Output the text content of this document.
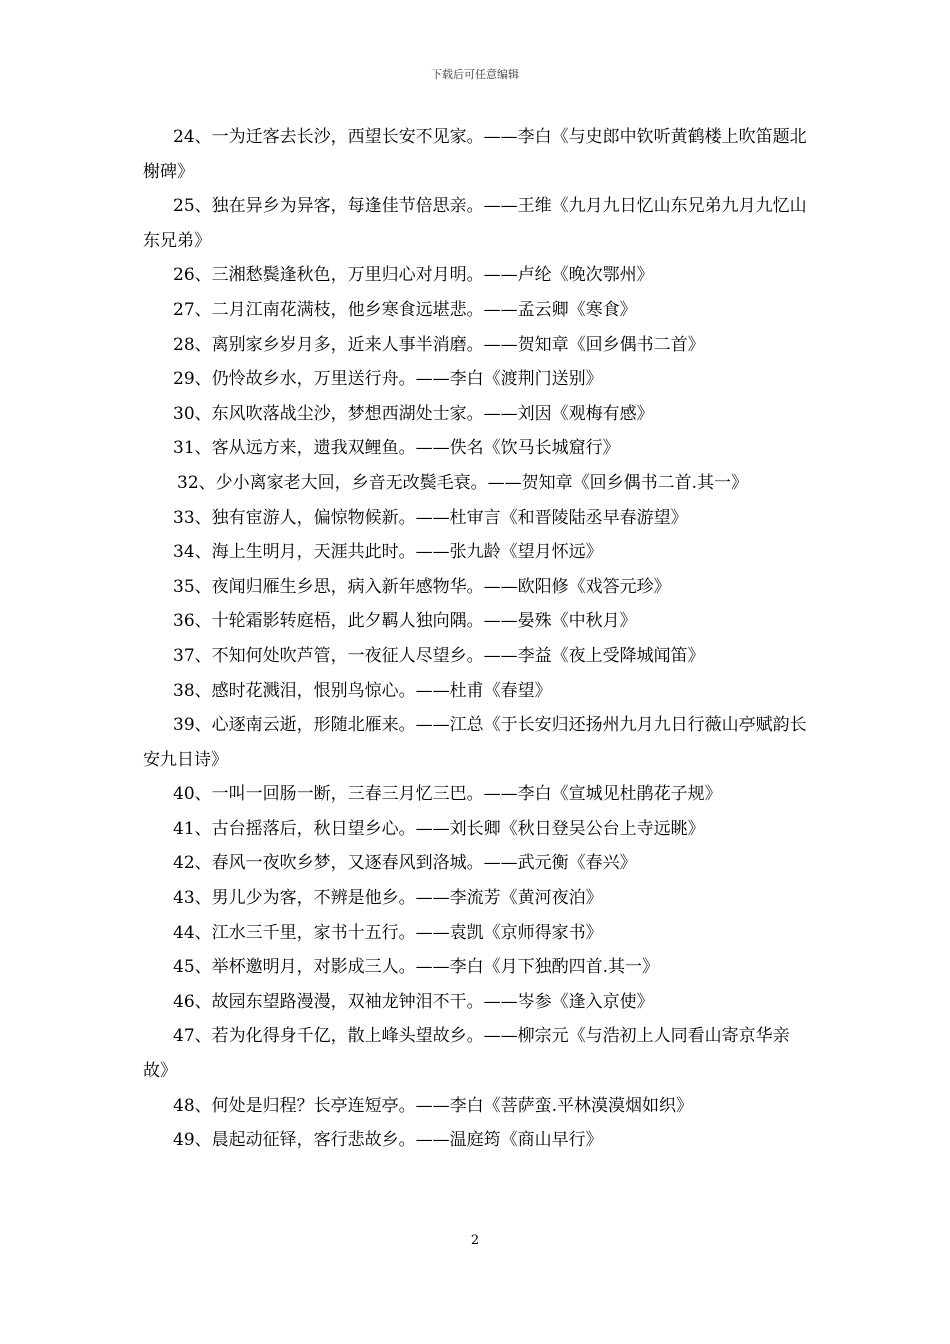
下载后可任意编辑

24、一为迁客去长沙，西望长安不见家。——李白《与史郎中钦听黄鹤楼上吹笛题北榭碑》

25、独在异乡为异客，每逢佳节倍思亲。——王维《九月九日忆山东兄弟九月九忆山东兄弟》

26、三湘愁鬓逢秋色，万里归心对月明。——卢纶《晚次鄂州》

27、二月江南花满枝，他乡寒食远堪悲。——孟云卿《寒食》

28、离别家乡岁月多，近来人事半消磨。——贺知章《回乡偶书二首》

29、仍怜故乡水，万里送行舟。——李白《渡荆门送别》

30、东风吹落战尘沙，梦想西湖处士家。——刘因《观梅有感》

31、客从远方来，遗我双鲤鱼。——佚名《饮马长城窟行》

32、少小离家老大回，乡音无改鬓毛衰。——贺知章《回乡偶书二首.其一》

33、独有宦游人，偏惊物候新。——杜审言《和晋陵陆丞早春游望》

34、海上生明月，天涯共此时。——张九龄《望月怀远》

35、夜闻归雁生乡思，病入新年感物华。——欧阳修《戏答元珍》

36、十轮霜影转庭梧，此夕羁人独向隅。——晏殊《中秋月》

37、不知何处吹芦管，一夜征人尽望乡。——李益《夜上受降城闻笛》

38、感时花溅泪，恨别鸟惊心。——杜甫《春望》

39、心逐南云逝，形随北雁来。——江总《于长安归还扬州九月九日行薇山亭赋韵长安九日诗》

40、一叫一回肠一断，三春三月忆三巴。——李白《宣城见杜鹃花子规》

41、古台摇落后，秋日望乡心。——刘长卿《秋日登吴公台上寺远眺》

42、春风一夜吹乡梦，又逐春风到洛城。——武元衡《春兴》

43、男儿少为客，不辨是他乡。——李流芳《黄河夜泊》

44、江水三千里，家书十五行。——袁凯《京师得家书》

45、举杯邀明月，对影成三人。——李白《月下独酌四首.其一》

46、故园东望路漫漫，双袖龙钟泪不干。——岑参《逢入京使》

47、若为化得身千亿，散上峰头望故乡。——柳宗元《与浩初上人同看山寄京华亲故》

48、何处是归程？长亭连短亭。——李白《菩萨蛮.平林漠漠烟如织》

49、晨起动征铎，客行悲故乡。——温庭筠《商山早行》

2
